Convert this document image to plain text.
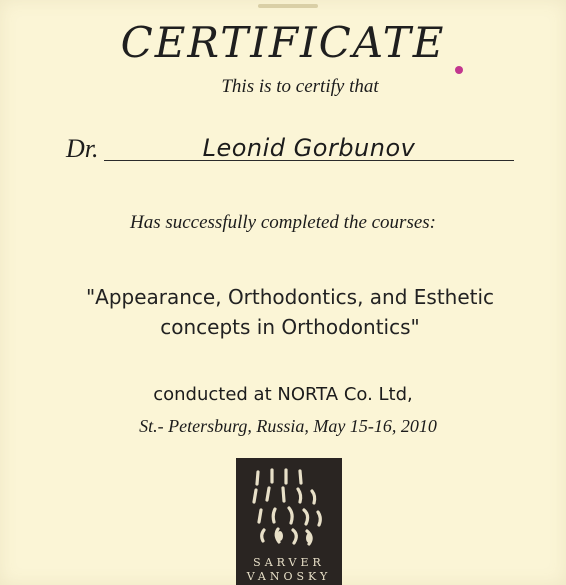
CERTIFICATE
This is to certify that
Dr.	Leonid Gorbunov
Has successfully completed the courses:
"Appearance, Orthodontics, and Esthetic
concepts in Orthodontics"
conducted at NORTA Co. Ltd,
St.- Petersburg, Russia, May 15-16, 2010
SARVER
VANOSKY
